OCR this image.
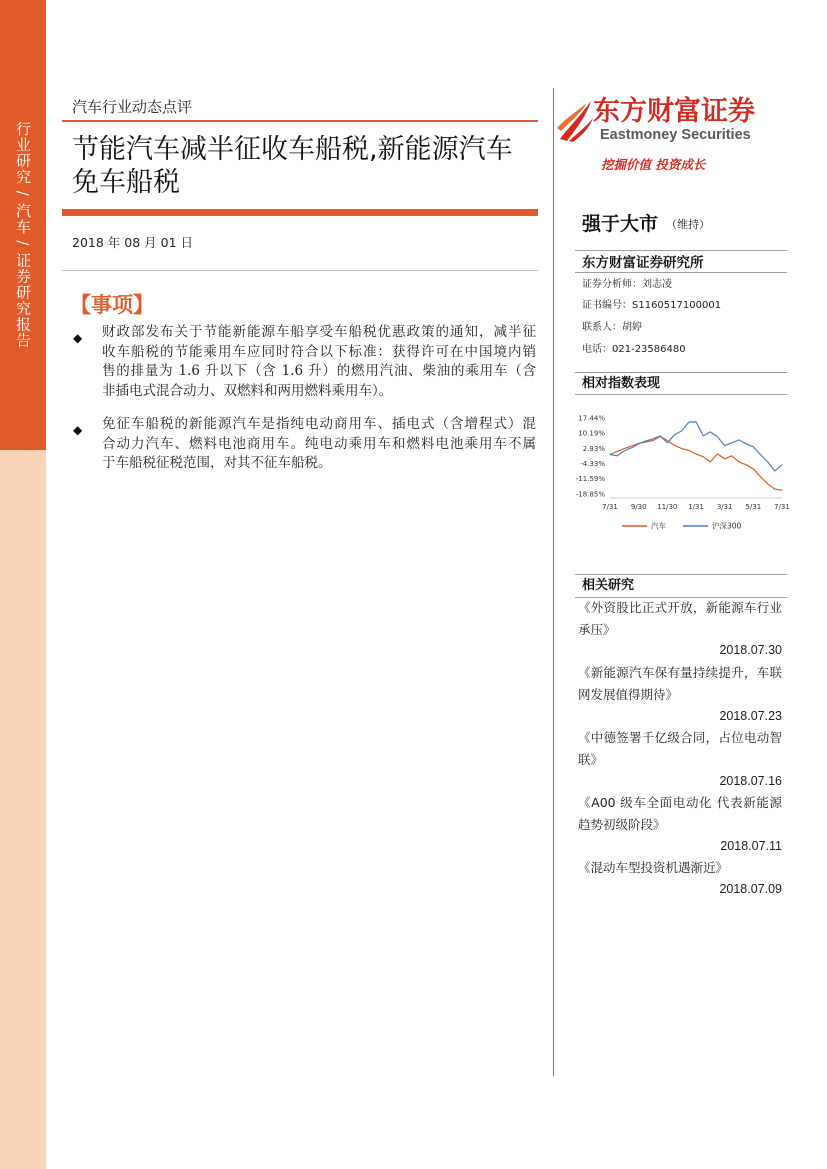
行业研究 / 汽车 / 证券研究报告
汽车行业动态点评
节能汽车减半征收车船税,新能源汽车
免车船税
2018 年 08 月 01 日
【事项】
◆ 财政部发布关于节能新能源车船享受车船税优惠政策的通知，减半征
收车船税的节能乘用车应同时符合以下标准：获得许可在中国境内销
售的排量为 1.6 升以下（含 1.6 升）的燃用汽油、柴油的乘用车（含
非插电式混合动力、双燃料和两用燃料乘用车）。
◆ 免征车船税的新能源汽车是指纯电动商用车、插电式（含增程式）混
合动力汽车、燃料电池商用车。纯电动乘用车和燃料电池乘用车不属
于车船税征税范围，对其不征车船税。
东方财富证券
Eastmoney Securities
挖掘价值 投资成长
强于大市 （维持）
东方财富证券研究所
证券分析师：刘志凌
证书编号：S1160517100001
联系人：胡婷
电话：021-23586480
相对指数表现
17.44%
10.19%
2.93%
-4.33%
-11.59%
-18.85%
7/31 9/30 11/30 1/31 3/31 5/31 7/31
汽车	沪深300
相关研究
《外资股比正式开放，新能源车行业
承压》
2018.07.30
《新能源汽车保有量持续提升，车联
网发展值得期待》
2018.07.23
《中德签署千亿级合同，占位电动智
联》
2018.07.16
《A00 级车全面电动化 代表新能源
趋势初级阶段》
2018.07.11
《混动车型投资机遇渐近》
2018.07.09
